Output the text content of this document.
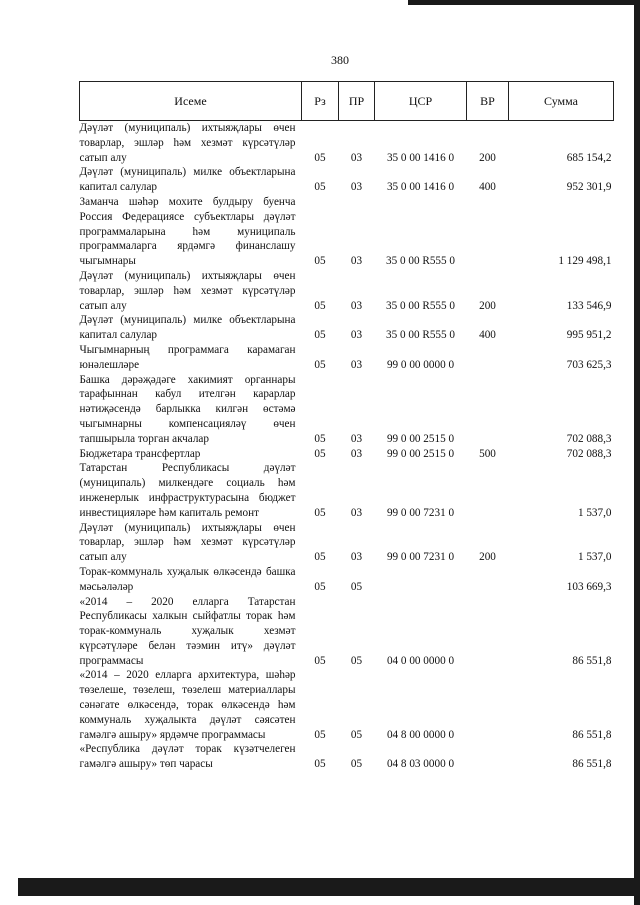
380
Исеме	Рз	ПР	ЦСР	ВР	Сумма
Дәүләт (муниципаль) ихтыяҗлары өчен товарлар, эшләр һәм хезмәт күрсәтүләр сатып алу	05	03	35 0 00 1416 0	200	685 154,2
Дәүләт (муниципаль) милке объектларына капитал салулар	05	03	35 0 00 1416 0	400	952 301,9
Заманча шәһәр мохите булдыру буенча Россия Федерациясе субъектлары дәүләт программаларына һәм муниципаль программаларга ярдәмгә финанслашу чыгымнары	05	03	35 0 00 R555 0		1 129 498,1
Дәүләт (муниципаль) ихтыяҗлары өчен товарлар, эшләр һәм хезмәт күрсәтүләр сатып алу	05	03	35 0 00 R555 0	200	133 546,9
Дәүләт (муниципаль) милке объектларына капитал салулар	05	03	35 0 00 R555 0	400	995 951,2
Чыгымнарның программага карамаган юнәлешләре	05	03	99 0 00 0000 0		703 625,3
Башка дәрәҗәдәге хакимият органнары тарафыннан кабул ителгән карарлар нәтиҗәсендә барлыкка килгән өстәмә чыгымнарны компенсацияләү өчен тапшырыла торган акчалар	05	03	99 0 00 2515 0		702 088,3
Бюджетара трансфертлар	05	03	99 0 00 2515 0	500	702 088,3
Татарстан Республикасы дәүләт (муниципаль) милкендәге социаль һәм инженерлык инфраструктурасына бюджет инвестицияләре һәм капиталь ремонт	05	03	99 0 00 7231 0		1 537,0
Дәүләт (муниципаль) ихтыяҗлары өчен товарлар, эшләр һәм хезмәт күрсәтүләр сатып алу	05	03	99 0 00 7231 0	200	1 537,0
Торак-коммуналь хуҗалык өлкәсендә башка мәсьәләләр	05	05			103 669,3
«2014 – 2020 елларга Татарстан Республикасы халкын сыйфатлы торак һәм торак-коммуналь хуҗалык хезмәт күрсәтүләре белән тәэмин итү» дәүләт программасы	05	05	04 0 00 0000 0		86 551,8
«2014 – 2020 елларга архитектура, шәһәр төзелеше, төзелеш, төзелеш материаллары сәнәгате өлкәсендә, торак өлкәсендә һәм коммуналь хуҗалыкта дәүләт сәясәтен гамәлгә ашыру» ярдәмче программасы	05	05	04 8 00 0000 0		86 551,8
«Республика дәүләт торак күзәтчелеген гамәлгә ашыру» төп чарасы	05	05	04 8 03 0000 0		86 551,8
